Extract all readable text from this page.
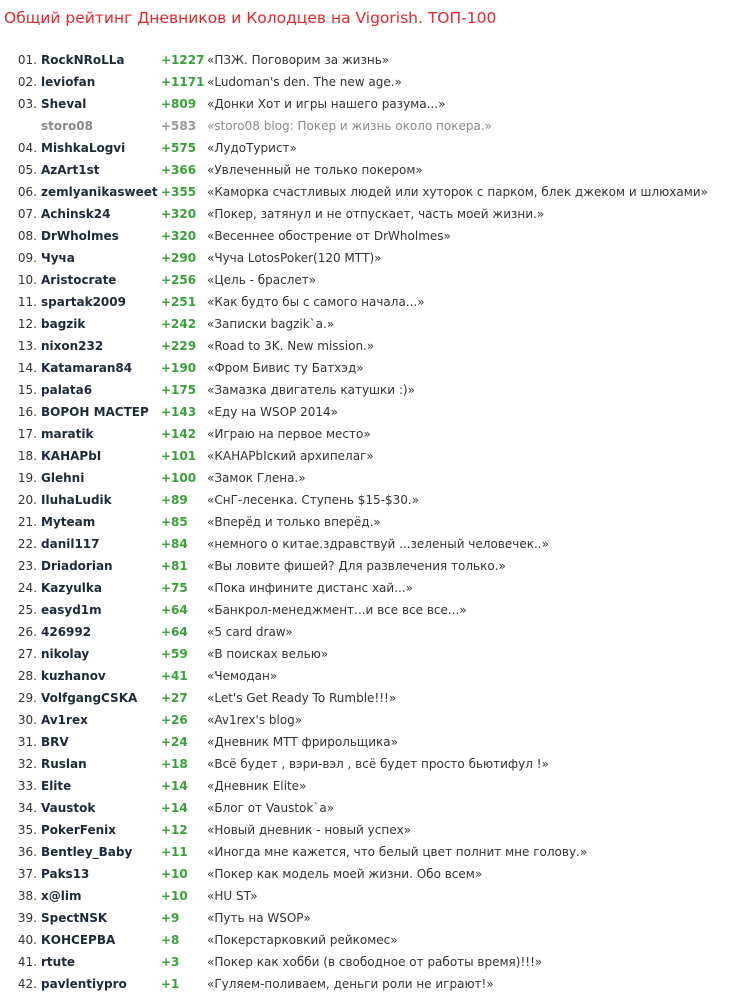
Общий рейтинг Дневников и Колодцев на Vigorish. ТОП-100
01. RockNRoLLa	+1227 «ПЗЖ. Поговорим за жизнь»
02. leviofan	+1171 «Ludoman's den. The new age.»
03. Sheval	+809 «Донки Хот и игры нашего разума...»
storo08	+583 «storo08 blog: Покер и жизнь около покера.»
04. MishkaLogvi	+575 «ЛудоТурист»
05. AzArt1st	+366 «Увлеченный не только покером»
06. zemlyanikasweet +355 «Каморка счастливых людей или хуторок с парком, блек джеком и шлюхами»
07. Achinsk24	+320 «Покер, затянул и не отпускает, часть моей жизни.»
08. DrWholmes	+320 «Весеннее обострение от DrWholmes»
09. Чуча	+290 «Чуча LotosPoker(120 МТТ)»
10. Aristocrate	+256 «Цель - браслет»
11. spartak2009	+251 «Как будто бы с самого начала...»
12. bagzik	+242 «Записки bagzik`a.»
13. nixon232	+229 «Road to 3K. New mission.»
14. Katamaran84 +190 «Фром Бивис ту Батхэд»
15. palata6	+175 «Замазка двигатель катушки :)»
16. ВОРОН МАСТЕР +143 «Еду на WSOP 2014»
17. maratik	+142 «Играю на первое место»
18. КАНАРbI	+101 «КАНАРbIский архипелаг»
19. Glehni	+100 «Замок Глена.»
20. IluhaLudik	+89 «СнГ-лесенка. Ступень $15-$30.»
21. Myteam	+85 «Вперёд и только вперёд.»
22. danil117	+84 «немного о китае.здравствуй ...зеленый человечек..»
23. Driadorian	+81 «Вы ловите фишей? Для развлечения только.»
24. Kazyulka	+75 «Пока инфините дистанс хай...»
25. easyd1m	+64 «Банкрол-менеджмент...и все все все...»
26. 426992	+64 «5 card draw»
27. nikolay	+59 «В поисках велью»
28. kuzhanov	+41 «Чемодан»
29. VolfgangCSKA +27 «Let's Get Ready To Rumble!!!»
30. Av1rex	+26 «Av1rex's blog»
31. BRV	+24 «Дневник МТТ фрирольщика»
32. Ruslan	+18 «Всё будет , вэри-вэл , всё будет просто бьютифул !»
33. Elite	+14 «Дневник Elite»
34. Vaustok	+14 «Блог от Vaustok`a»
35. PokerFenix	+12 «Новый дневник - новый успех»
36. Bentley_Baby +11 «Иногда мне кажется, что белый цвет полнит мне голову.»
37. Paks13	+10 «Покер как модель моей жизни. Обо всем»
38. x@lim	+10 «HU ST»
39. SpectNSK	+9 «Путь на WSOP»
40. КОНСЕРВА	+8 «Покерстарковкий рейкомес»
41. rtute	+3 «Покер как хобби (в свободное от работы время)!!!»
42. pavlentiypro	+1 «Гуляем-поливаем, деньги роли не играют!»
